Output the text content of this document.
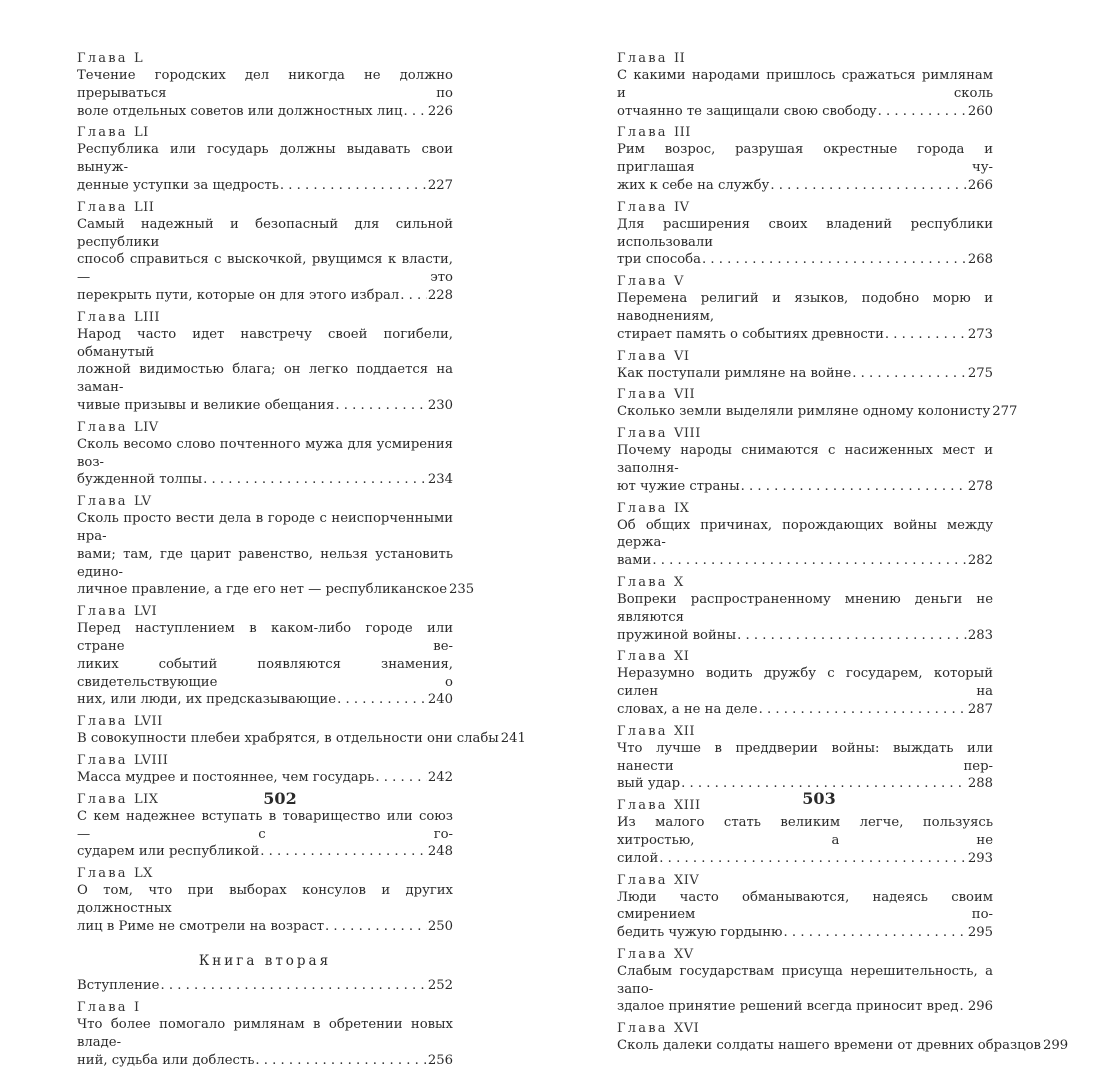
Глава L
Течение городских дел никогда не должно прерываться по
воле отдельных советов или должностных лиц . . . 226
Глава LI
Республика или государь должны выдавать свои вынуж-
денные уступки за щедрость . . .	227
Глава LII
Самый надежный и безопасный для сильной республики
способ справиться с выскочкой, рвущимся к власти, — это
перекрыть пути, которые он для этого избрал . . . 228
Глава LIII
Народ часто идет навстречу своей погибели, обманутый
ложной видимостью блага; он легко поддается на заман-
чивые призывы и великие обещания . . .	230
Глава LIV
Сколь весомо слово почтенного мужа для усмирения воз-
бужденной толпы . . .	234
Глава LV
Сколь просто вести дела в городе с неиспорченными нра-
вами; там, где царит равенство, нельзя установить едино-
личное правление, а где его нет — республиканское 235
Глава LVI
Перед наступлением в каком-либо городе или стране ве-
ликих событий появляются знамения, свидетельствующие о
них, или люди, их предсказывающие . . .	240
Глава LVII
В совокупности плебеи храбрятся, в отдельности они слабы 241
Глава LVIII
Масса мудрее и постояннее, чем государь . . .	242
Глава LIX
С кем надежнее вступать в товарищество или союз — с го-
сударем или республикой . . .	248
Глава LX
О том, что при выборах консулов и других должностных
лиц в Риме не смотрели на возраст . . .	250
Книга вторая
Вступление . . .	252
Глава I
Что более помогало римлянам в обретении новых владе-
ний, судьба или доблесть . . .	256
502
Глава II
С какими народами пришлось сражаться римлянам и сколь
отчаянно те защищали свою свободу . . .	260
Глава III
Рим возрос, разрушая окрестные города и приглашая чу-
жих к себе на службу . . .	266
Глава IV
Для расширения своих владений республики использовали
три способа . . .	268
Глава V
Перемена религий и языков, подобно морю и наводнениям,
стирает память о событиях древности . . .	273
Глава VI
Как поступали римляне на войне . . .	275
Глава VII
Сколько земли выделяли римляне одному колонисту 277
Глава VIII
Почему народы снимаются с насиженных мест и заполня-
ют чужие страны . . .	278
Глава IX
Об общих причинах, порождающих войны между держа-
вами . . .	282
Глава X
Вопреки распространенному мнению деньги не являются
пружиной войны . . .	283
Глава XI
Неразумно водить дружбу с государем, который силен на
словах, а не на деле . . .	287
Глава XII
Что лучше в преддверии войны: выждать или нанести пер-
вый удар . . .	288
Глава XIII
Из малого стать великим легче, пользуясь хитростью, а не
силой . . .	293
Глава XIV
Люди часто обманываются, надеясь своим смирением по-
бедить чужую гордыню . . .	295
Глава XV
Слабым государствам присуща нерешительность, а запо-
здалое принятие решений всегда приносит вред . . . 296
Глава XVI
Сколь далеки солдаты нашего времени от древних образцов 299
503
